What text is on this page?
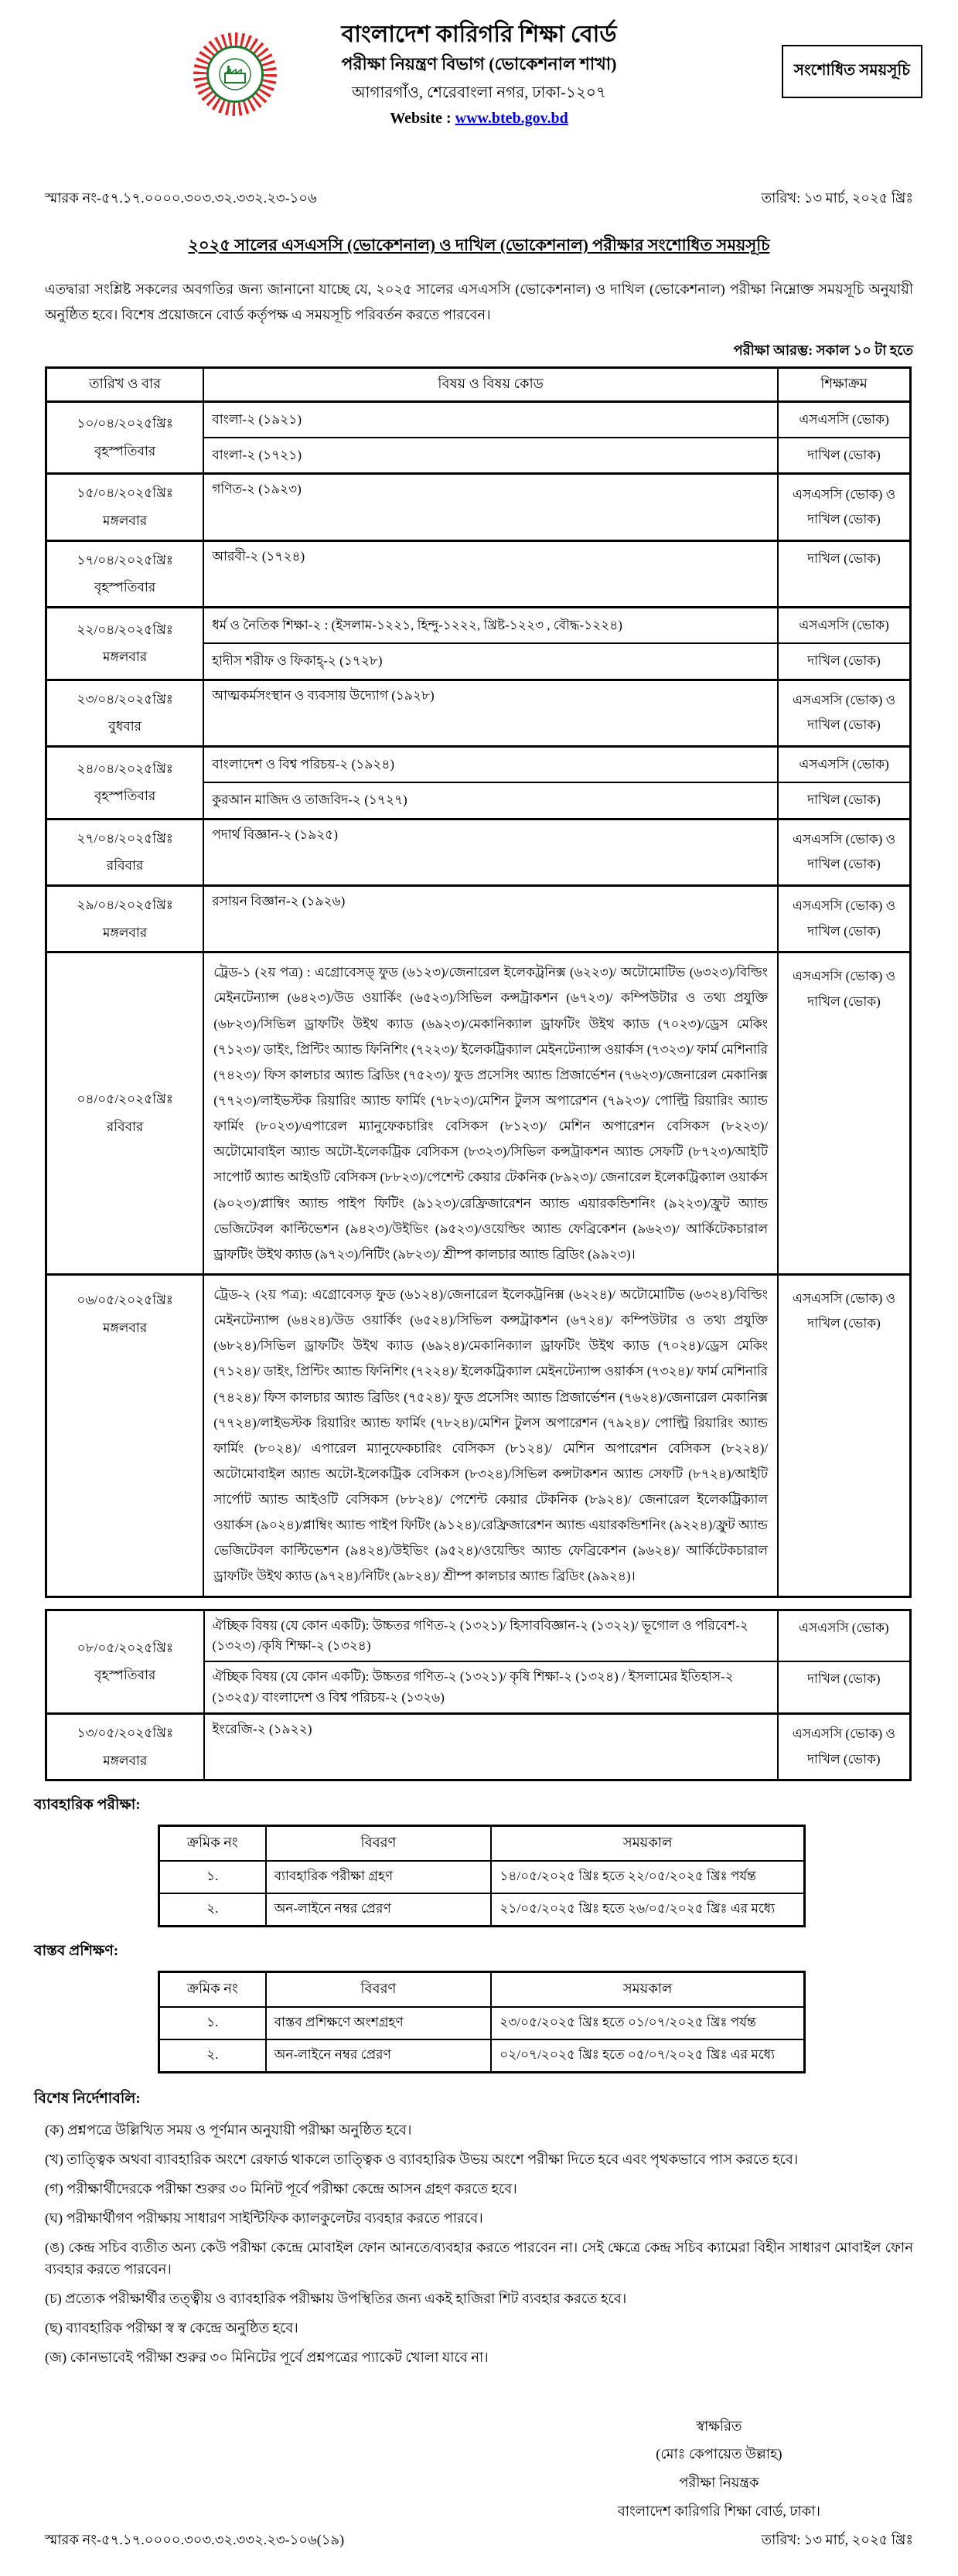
বাংলাদেশ কারিগরি শিক্ষা বোর্ড
পরীক্ষা নিয়ন্ত্রণ বিভাগ (ভোকেশনাল শাখা)
আগারগাঁও, শেরেবাংলা নগর, ঢাকা-১২০৭
Website : www.bteb.gov.bd
সংশোধিত সময়সূচি
স্মারক নং-৫৭.১৭.০০০০.৩০৩.৩২.৩৩২.২৩-১০৬	তারিখ: ১৩ মার্চ, ২০২৫ খ্রিঃ
২০২৫ সালের এসএসসি (ভোকেশনাল) ও দাখিল (ভোকেশনাল) পরীক্ষার সংশোধিত সময়সূচি
এতদ্বারা সংশ্লিষ্ট সকলের অবগতির জন্য জানানো যাচ্ছে যে, ২০২৫ সালের এসএসসি (ভোকেশনাল) ও দাখিল (ভোকেশনাল) পরীক্ষা নিম্নোক্ত সময়সূচি অনুযায়ী অনুষ্ঠিত হবে। বিশেষ প্রয়োজনে বোর্ড কর্তৃপক্ষ এ সময়সূচি পরিবর্তন করতে পারবেন।
পরীক্ষা আরম্ভ: সকাল ১০ টা হতে
তারিখ ও বার	বিষয় ও বিষয় কোড	শিক্ষাক্রম

১০/০৪/২০২৫খ্রিঃ
বৃহস্পতিবার	বাংলা-২ (১৯২১)	এসএসসি (ভোক)
	বাংলা-২ (১৭২১)	দাখিল (ভোক)

১৫/০৪/২০২৫খ্রিঃ
মঙ্গলবার	গণিত-২ (১৯২৩)	এসএসসি (ভোক) ও দাখিল (ভোক)

১৭/০৪/২০২৫খ্রিঃ
বৃহস্পতিবার	আরবী-২ (১৭২৪)	দাখিল (ভোক)

২২/০৪/২০২৫খ্রিঃ
মঙ্গলবার	ধর্ম ও নৈতিক শিক্ষা-২ : (ইসলাম-১২২১, হিন্দু-১২২২, খ্রিষ্ট-১২২৩ , বৌদ্ধ-১২২৪)	এসএসসি (ভোক)
	হাদীস শরীফ ও ফিকাহ্‌-২ (১৭২৮)	দাখিল (ভোক)

২৩/০৪/২০২৫খ্রিঃ
বুধবার	আত্মকর্মসংস্থান ও ব্যবসায় উদ্যোগ (১৯২৮)	এসএসসি (ভোক) ও দাখিল (ভোক)

২৪/০৪/২০২৫খ্রিঃ
বৃহস্পতিবার	বাংলাদেশ ও বিশ্ব পরিচয়-২ (১৯২৪)	এসএসসি (ভোক)
	কুরআন মাজিদ ও তাজবিদ-২ (১৭২৭)	দাখিল (ভোক)

২৭/০৪/২০২৫খ্রিঃ
রবিবার	পদার্থ বিজ্ঞান-২ (১৯২৫)	এসএসসি (ভোক) ও দাখিল (ভোক)

২৯/০৪/২০২৫খ্রিঃ
মঙ্গলবার	রসায়ন বিজ্ঞান-২ (১৯২৬)	এসএসসি (ভোক) ও দাখিল (ভোক)

০৪/০৫/২০২৫খ্রিঃ
রবিবার	ট্রেড-১ (২য় পত্র) : এগ্রোবেসড্‌ ফুড (৬১২৩)/জেনারেল ইলেকট্রনিক্স (৬২২৩)/ অটোমোটিভ (৬৩২৩)/বিল্ডিং মেইনটেন্যান্স (৬৪২৩)/উড ওয়ার্কিং (৬৫২৩)/সিভিল কন্সট্রাকশন (৬৭২৩)/ কম্পিউটার ও তথ্য প্রযুক্তি (৬৮২৩)/সিভিল ড্রাফটিং উইথ ক্যাড (৬৯২৩)/মেকানিক্যাল ড্রাফটিং উইথ ক্যাড (৭০২৩)/ড্রেস মেকিং (৭১২৩)/ ডাইং, প্রিন্টিং অ্যান্ড ফিনিশিং (৭২২৩)/ ইলেকট্রিক্যাল মেইনটেন্যান্স ওয়ার্কস (৭৩২৩)/ ফার্ম মেশিনারি (৭৪২৩)/ ফিস কালচার অ্যান্ড ব্রিডিং (৭৫২৩)/ ফুড প্রসেসিং অ্যান্ড প্রিজার্ভেশন (৭৬২৩)/জেনারেল মেকানিক্স (৭৭২৩)/লাইভস্টক রিয়ারিং অ্যান্ড ফার্মিং (৭৮২৩)/মেশিন টুলস অপারেশন (৭৯২৩)/ পোল্ট্রি রিয়ারিং অ্যান্ড ফার্মিং (৮০২৩)/এপারেল ম্যানুফেকচারিং বেসিকস (৮১২৩)/ মেশিন অপারেশন বেসিকস (৮২২৩)/অটোমোবাইল অ্যান্ড অটো-ইলেকট্রিক বেসিকস (৮৩২৩)/সিভিল কন্সট্রাকশন অ্যান্ড সেফটি (৮৭২৩)/আইটি সাপোর্ট অ্যান্ড আইওটি বেসিকস (৮৮২৩)/পেশেন্ট কেয়ার টেকনিক (৮৯২৩)/ জেনারেল ইলেকট্রিক্যাল ওয়ার্কস (৯০২৩)/প্লাম্বিং অ্যান্ড পাইপ ফিটিং (৯১২৩)/রেফ্রিজারেশন অ্যান্ড এয়ারকন্ডিশনিং (৯২২৩)/ফ্রুট অ্যান্ড ভেজিটেবল কাল্টিভেশন (৯৪২৩)/উইভিং (৯৫২৩)/ওয়েল্ডিং অ্যান্ড ফেব্রিকেশন (৯৬২৩)/ আর্কিটেকচারাল ড্রাফটিং উইথ ক্যাড (৯৭২৩)/নিটিং (৯৮২৩)/ শ্রীম্প কালচার অ্যান্ড ব্রিডিং (৯৯২৩)।	এসএসসি (ভোক) ও দাখিল (ভোক)

০৬/০৫/২০২৫খ্রিঃ
মঙ্গলবার	ট্রেড-২ (২য় পত্র): এগ্রোবেসড় ফুড (৬১২৪)/জেনারেল ইলেকট্রনিক্স (৬২২৪)/ অটোমোটিভ (৬৩২৪)/বিল্ডিং মেইনটেন্যান্স (৬৪২৪)/উড ওয়ার্কিং (৬৫২৪)/সিভিল কন্সট্রাকশন (৬৭২৪)/ কম্পিউটার ও তথ্য প্রযুক্তি (৬৮২৪)/সিভিল ড্রাফটিং উইথ ক্যাড (৬৯২৪)/মেকানিক্যাল ড্রাফটিং উইথ ক্যাড (৭০২৪)/ড্রেস মেকিং (৭১২৪)/ ডাইং, প্রিন্টিং অ্যান্ড ফিনিশিং (৭২২৪)/ ইলেকট্রিক্যাল মেইনটেন্যান্স ওয়ার্কস (৭৩২৪)/ ফার্ম মেশিনারি (৭৪২৪)/ ফিস কালচার অ্যান্ড ব্রিডিং (৭৫২৪)/ ফুড প্রসেসিং অ্যান্ড প্রিজার্ভেশন (৭৬২৪)/জেনারেল মেকানিক্স (৭৭২৪)/লাইভস্টক রিয়ারিং অ্যান্ড ফার্মিং (৭৮২৪)/মেশিন টুলস অপারেশন (৭৯২৪)/ পোল্ট্রি রিয়ারিং অ্যান্ড ফার্মিং (৮০২৪)/ এপারেল ম্যানুফেকচারিং বেসিকস (৮১২৪)/ মেশিন অপারেশন বেসিকস (৮২২৪)/অটোমোবাইল অ্যান্ড অটো-ইলেকট্রিক বেসিকস (৮৩২৪)/সিভিল কন্সটাকশন অ্যান্ড সেফটি (৮৭২৪)/আইটি সার্পোট অ্যান্ড আইওটি বেসিকস (৮৮২৪)/ পেশেন্ট কেয়ার টেকনিক (৮৯২৪)/ জেনারেল ইলেকট্রিক্যাল ওয়ার্কস (৯০২৪)/প্লাম্বিং অ্যান্ড পাইপ ফিটিং (৯১২৪)/রেফ্রিজারেশন অ্যান্ড এয়ারকন্ডিশনিং (৯২২৪)/ফ্রুট অ্যান্ড ভেজিটেবল কাল্টিভেশন (৯৪২৪)/উইভিং (৯৫২৪)/ওয়েল্ডিং অ্যান্ড ফেব্রিকেশন (৯৬২৪)/ আর্কিটেকচারাল ড্রাফটিং উইথ ক্যাড (৯৭২৪)/নিটিং (৯৮২৪)/ শ্রীম্প কালচার অ্যান্ড ব্রিডিং (৯৯২৪)।	এসএসসি (ভোক) ও দাখিল (ভোক)
০৮/০৫/২০২৫খ্রিঃ
বৃহস্পতিবার	ঐচ্ছিক বিষয় (যে কোন একটি): উচ্চতর গণিত-২ (১৩২১)/ হিসাববিজ্ঞান-২ (১৩২২)/ ভূগোল ও পরিবেশ-২ (১৩২৩) /কৃষি শিক্ষা-২ (১৩২৪)	এসএসসি (ভোক)
	ঐচ্ছিক বিষয় (যে কোন একটি): উচ্চতর গণিত-২ (১৩২১)/ কৃষি শিক্ষা-২ (১৩২৪) / ইসলামের ইতিহাস-২ (১৩২৫)/ বাংলাদেশ ও বিশ্ব পরিচয়-২ (১৩২৬)	দাখিল (ভোক)

১৩/০৫/২০২৫খ্রিঃ
মঙ্গলবার	ইংরেজি-২ (১৯২২)	এসএসসি (ভোক) ও দাখিল (ভোক)
ব্যাবহারিক পরীক্ষা:
ক্রমিক নং	বিবরণ	সময়কাল
১.	ব্যাবহারিক পরীক্ষা গ্রহণ	১৪/০৫/২০২৫ খ্রিঃ হতে ২২/০৫/২০২৫ খ্রিঃ পর্যন্ত
২.	অন-লাইনে নম্বর প্রেরণ	২১/০৫/২০২৫ খ্রিঃ হতে ২৬/০৫/২০২৫ খ্রিঃ এর মধ্যে
বাস্তব প্রশিক্ষণ:
ক্রমিক নং	বিবরণ	সময়কাল
১.	বাস্তব প্রশিক্ষণে অংশগ্রহণ	২৩/০৫/২০২৫ খ্রিঃ হতে ০১/০৭/২০২৫ খ্রিঃ পর্যন্ত
২.	অন-লাইনে নম্বর প্রেরণ	০২/০৭/২০২৫ খ্রিঃ হতে ০৫/০৭/২০২৫ খ্রিঃ এর মধ্যে
বিশেষ নির্দেশাবলি:
(ক) প্রশ্নপত্রে উল্লিখিত সময় ও পূর্ণমান অনুযায়ী পরীক্ষা অনুষ্ঠিত হবে।
(খ) তাত্ত্বিক অথবা ব্যাবহারিক অংশে রেফার্ড থাকলে তাত্ত্বিক ও ব্যাবহারিক উভয় অংশে পরীক্ষা দিতে হবে এবং পৃথকভাবে পাস করতে হবে।
(গ) পরীক্ষার্থীদেরকে পরীক্ষা শুরুর ৩০ মিনিট পূর্বে পরীক্ষা কেন্দ্রে আসন গ্রহণ করতে হবে।
(ঘ) পরীক্ষার্থীগণ পরীক্ষায় সাধারণ সাইন্টিফিক ক্যালকুলেটর ব্যবহার করতে পারবে।
(ঙ) কেন্দ্র সচিব ব্যতীত অন্য কেউ পরীক্ষা কেন্দ্রে মোবাইল ফোন আনতে/ব্যবহার করতে পারবেন না। সেই ক্ষেত্রে কেন্দ্র সচিব ক্যামেরা বিহীন সাধারণ মোবাইল ফোন ব্যবহার করতে পারবেন।
(চ) প্রত্যেক পরীক্ষার্থীর তত্ত্বীয় ও ব্যাবহারিক পরীক্ষায় উপস্থিতির জন্য একই হাজিরা শিট ব্যবহার করতে হবে।
(ছ) ব্যাবহারিক পরীক্ষা স্ব স্ব কেন্দ্রে অনুষ্ঠিত হবে।
(জ) কোনভাবেই পরীক্ষা শুরুর ৩০ মিনিটের পূর্বে প্রশ্নপত্রের প্যাকেট খোলা যাবে না।
স্বাক্ষরিত
(মোঃ কেপায়েত উল্লাহ)
পরীক্ষা নিয়ন্ত্রক
বাংলাদেশ কারিগরি শিক্ষা বোর্ড, ঢাকা।
স্মারক নং-৫৭.১৭.০০০০.৩০৩.৩২.৩৩২.২৩-১০৬(১৯)	তারিখ: ১৩ মার্চ, ২০২৫ খ্রিঃ
